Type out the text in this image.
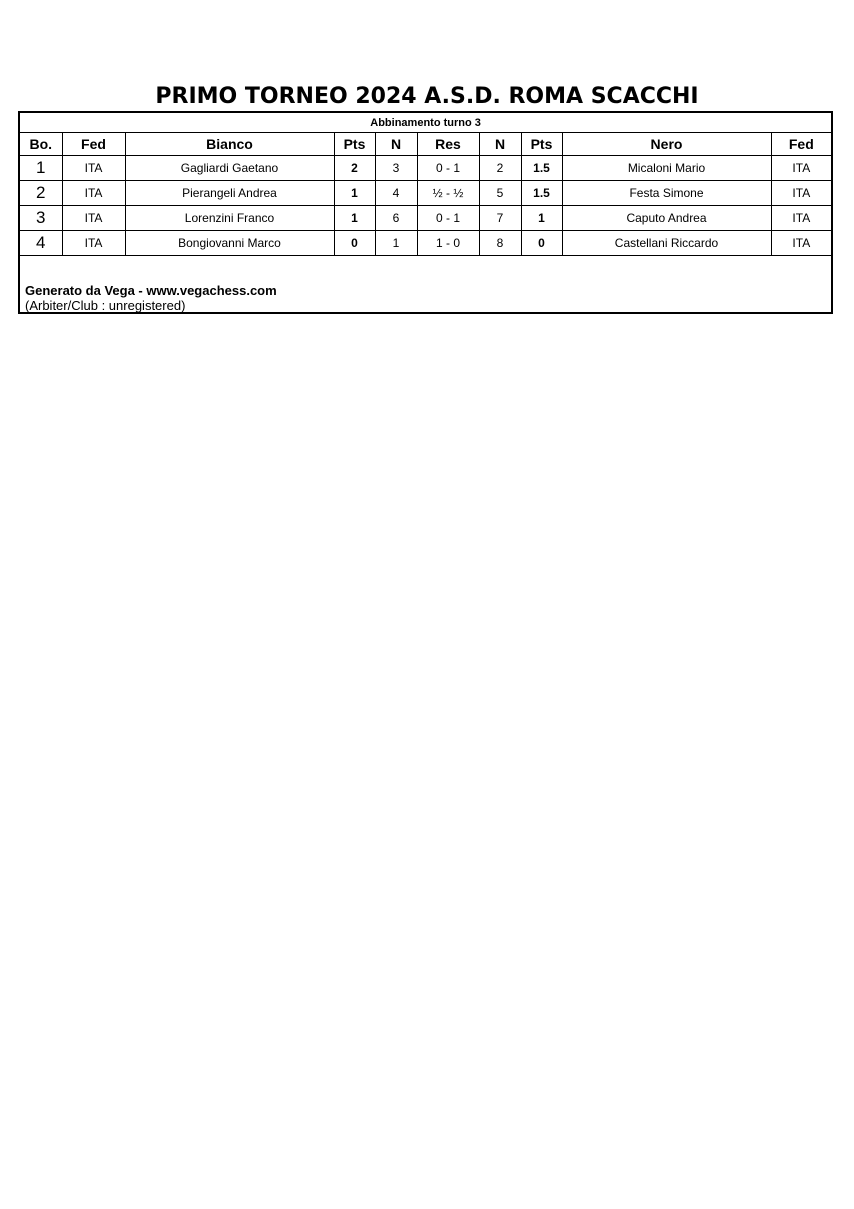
PRIMO TORNEO 2024 A.S.D. ROMA SCACCHI
Abbinamento turno 3									
Bo.	Fed	Bianco	Pts	N	Res	N	Pts	Nero	Fed
1	ITA	Gagliardi Gaetano	2	3	0 - 1	2	1.5	Micaloni Mario	ITA
2	ITA	Pierangeli Andrea	1	4	½ - ½	5	1.5	Festa Simone	ITA
3	ITA	Lorenzini Franco	1	6	0 - 1	7	1	Caputo Andrea	ITA
4	ITA	Bongiovanni Marco	0	1	1 - 0	8	0	Castellani Riccardo	ITA
Generato da Vega - www.vegachess.com
(Arbiter/Club : unregistered)
